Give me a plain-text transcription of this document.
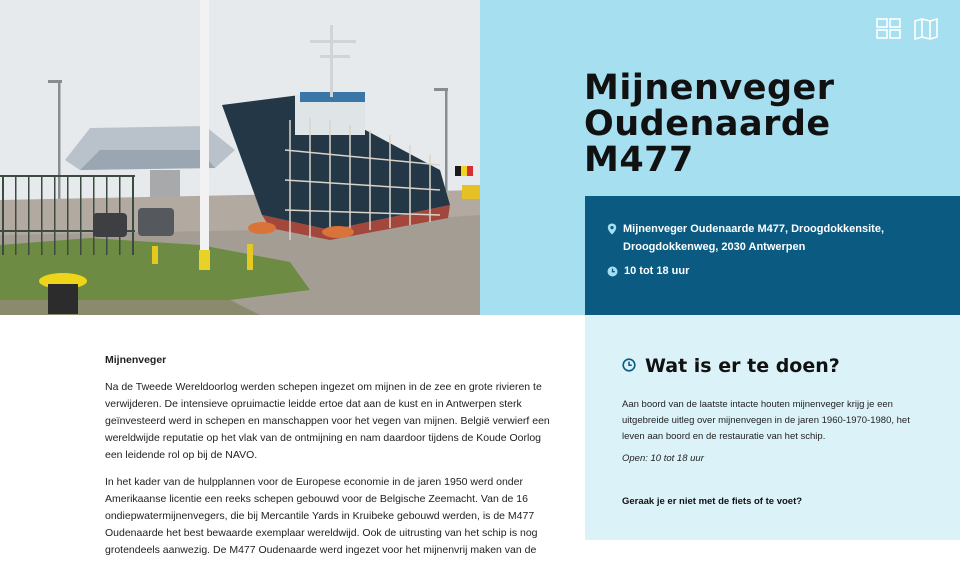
Mijnenveger Oudenaarde M477
Mijnenveger Oudenaarde M477, Droogdokkensite, Droogdokkenweg, 2030 Antwerpen
10 tot 18 uur
Mijnenveger

Na de Tweede Wereldoorlog werden schepen ingezet om mijnen in de zee en grote rivieren te verwijderen. De intensieve opruimactie leidde ertoe dat aan de kust en in Antwerpen sterk geïnvesteerd werd in schepen en manschappen voor het vegen van mijnen. België verwierf een wereldwijde reputatie op het vlak van de ontmijning en nam daardoor tijdens de Koude Oorlog een leidende rol op bij de NAVO.

In het kader van de hulpplannen voor de Europese economie in de jaren 1950 werd onder Amerikaanse licentie een reeks schepen gebouwd voor de Belgische Zeemacht. Van de 16 ondiepwatermijnenvegers, die bij Mercantile Yards in Kruibeke gebouwd werden, is de M477 Oudenaarde het best bewaarde exemplaar wereldwijd. Ook de uitrusting van het schip is nog grotendeels aanwezig. De M477 Oudenaarde werd ingezet voor het mijnenvrij maken van de

Wat is er te doen?

Aan boord van de laatste intacte houten mijnenveger krijg je een uitgebreide uitleg over mijnenvegen in de jaren 1960-1970-1980, het leven aan boord en de restauratie van het schip.

Open: 10 tot 18 uur

Geraak je er niet met de fiets of te voet?
